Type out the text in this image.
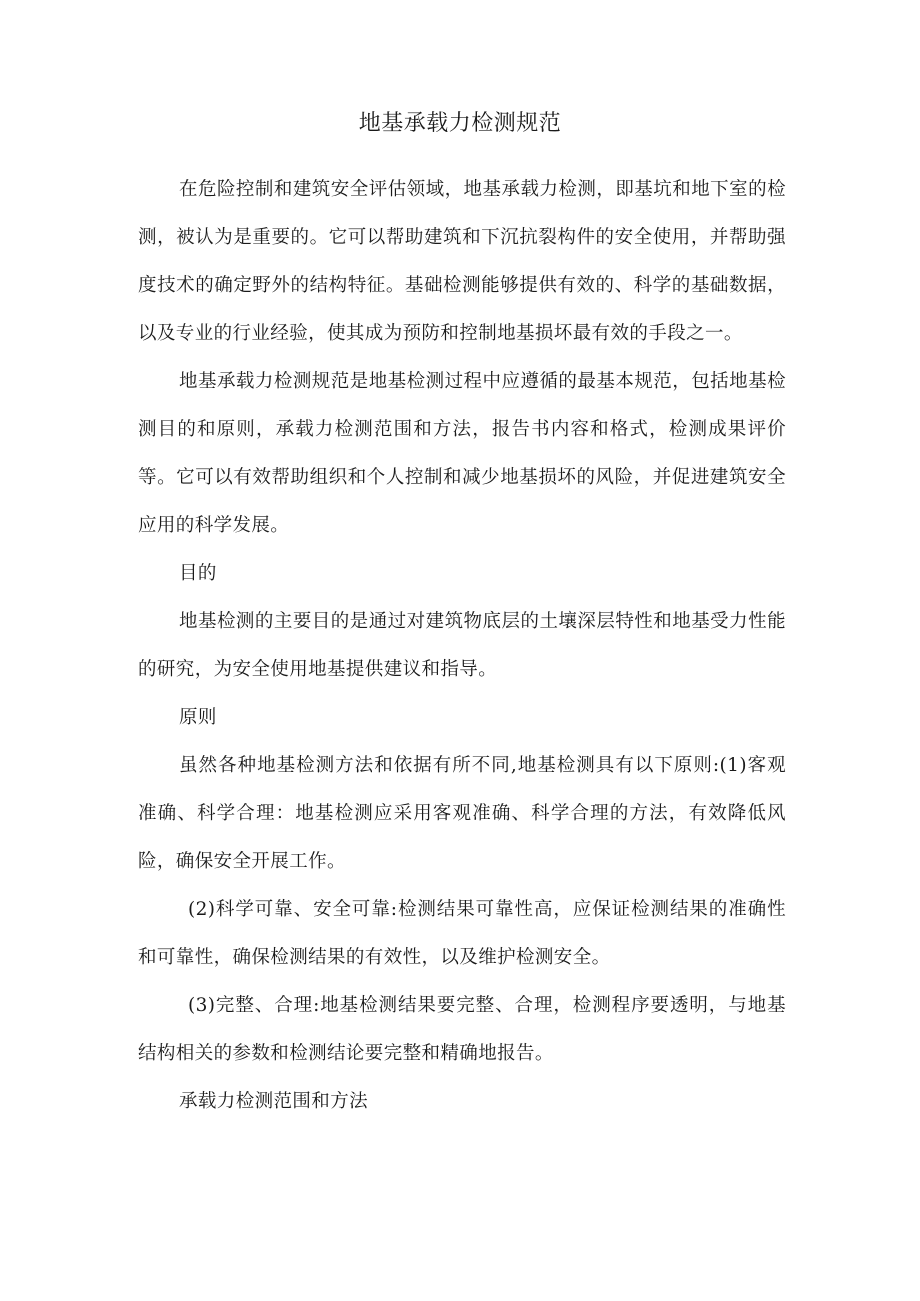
地基承载力检测规范

在危险控制和建筑安全评估领域，地基承载力检测，即基坑和地下室的检测，被认为是重要的。它可以帮助建筑和下沉抗裂构件的安全使用，并帮助强度技术的确定野外的结构特征。基础检测能够提供有效的、科学的基础数据，以及专业的行业经验，使其成为预防和控制地基损坏最有效的手段之一。

地基承载力检测规范是地基检测过程中应遵循的最基本规范，包括地基检测目的和原则，承载力检测范围和方法，报告书内容和格式，检测成果评价等。它可以有效帮助组织和个人控制和减少地基损坏的风险，并促进建筑安全应用的科学发展。

目的

地基检测的主要目的是通过对建筑物底层的土壤深层特性和地基受力性能的研究，为安全使用地基提供建议和指导。

原则

虽然各种地基检测方法和依据有所不同,地基检测具有以下原则:(1)客观准确、科学合理：地基检测应采用客观准确、科学合理的方法，有效降低风险，确保安全开展工作。

(2)科学可靠、安全可靠:检测结果可靠性高，应保证检测结果的准确性和可靠性，确保检测结果的有效性，以及维护检测安全。

(3)完整、合理:地基检测结果要完整、合理，检测程序要透明，与地基结构相关的参数和检测结论要完整和精确地报告。

承载力检测范围和方法
